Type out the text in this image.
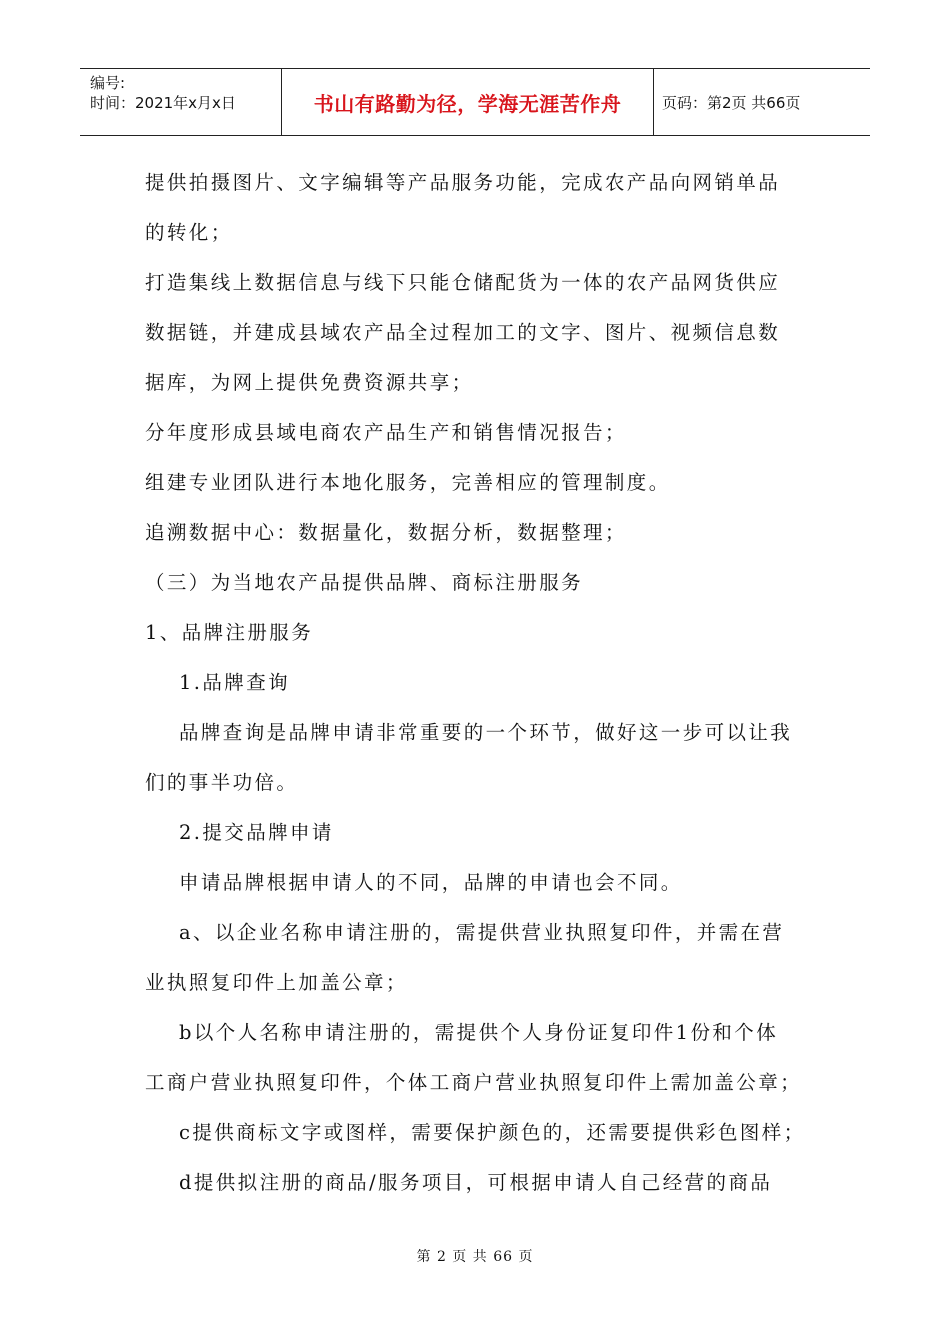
编号:
时间：2021年x月x日	书山有路勤为径，学海无涯苦作舟	页码：第2页 共66页
提供拍摄图片、文字编辑等产品服务功能，完成农产品向网销单品
的转化；
打造集线上数据信息与线下只能仓储配货为一体的农产品网货供应
数据链，并建成县域农产品全过程加工的文字、图片、视频信息数
据库，为网上提供免费资源共享；
分年度形成县域电商农产品生产和销售情况报告；
组建专业团队进行本地化服务，完善相应的管理制度。
追溯数据中心：数据量化，数据分析，数据整理；
（三）为当地农产品提供品牌、商标注册服务
1、品牌注册服务
1.品牌查询
品牌查询是品牌申请非常重要的一个环节，做好这一步可以让我
们的事半功倍。
2.提交品牌申请
申请品牌根据申请人的不同，品牌的申请也会不同。
a、以企业名称申请注册的，需提供营业执照复印件，并需在营
业执照复印件上加盖公章；
b以个人名称申请注册的，需提供个人身份证复印件1份和个体
工商户营业执照复印件，个体工商户营业执照复印件上需加盖公章；
c提供商标文字或图样，需要保护颜色的，还需要提供彩色图样；
d提供拟注册的商品/服务项目，可根据申请人自己经营的商品
第 2 页 共 66 页
